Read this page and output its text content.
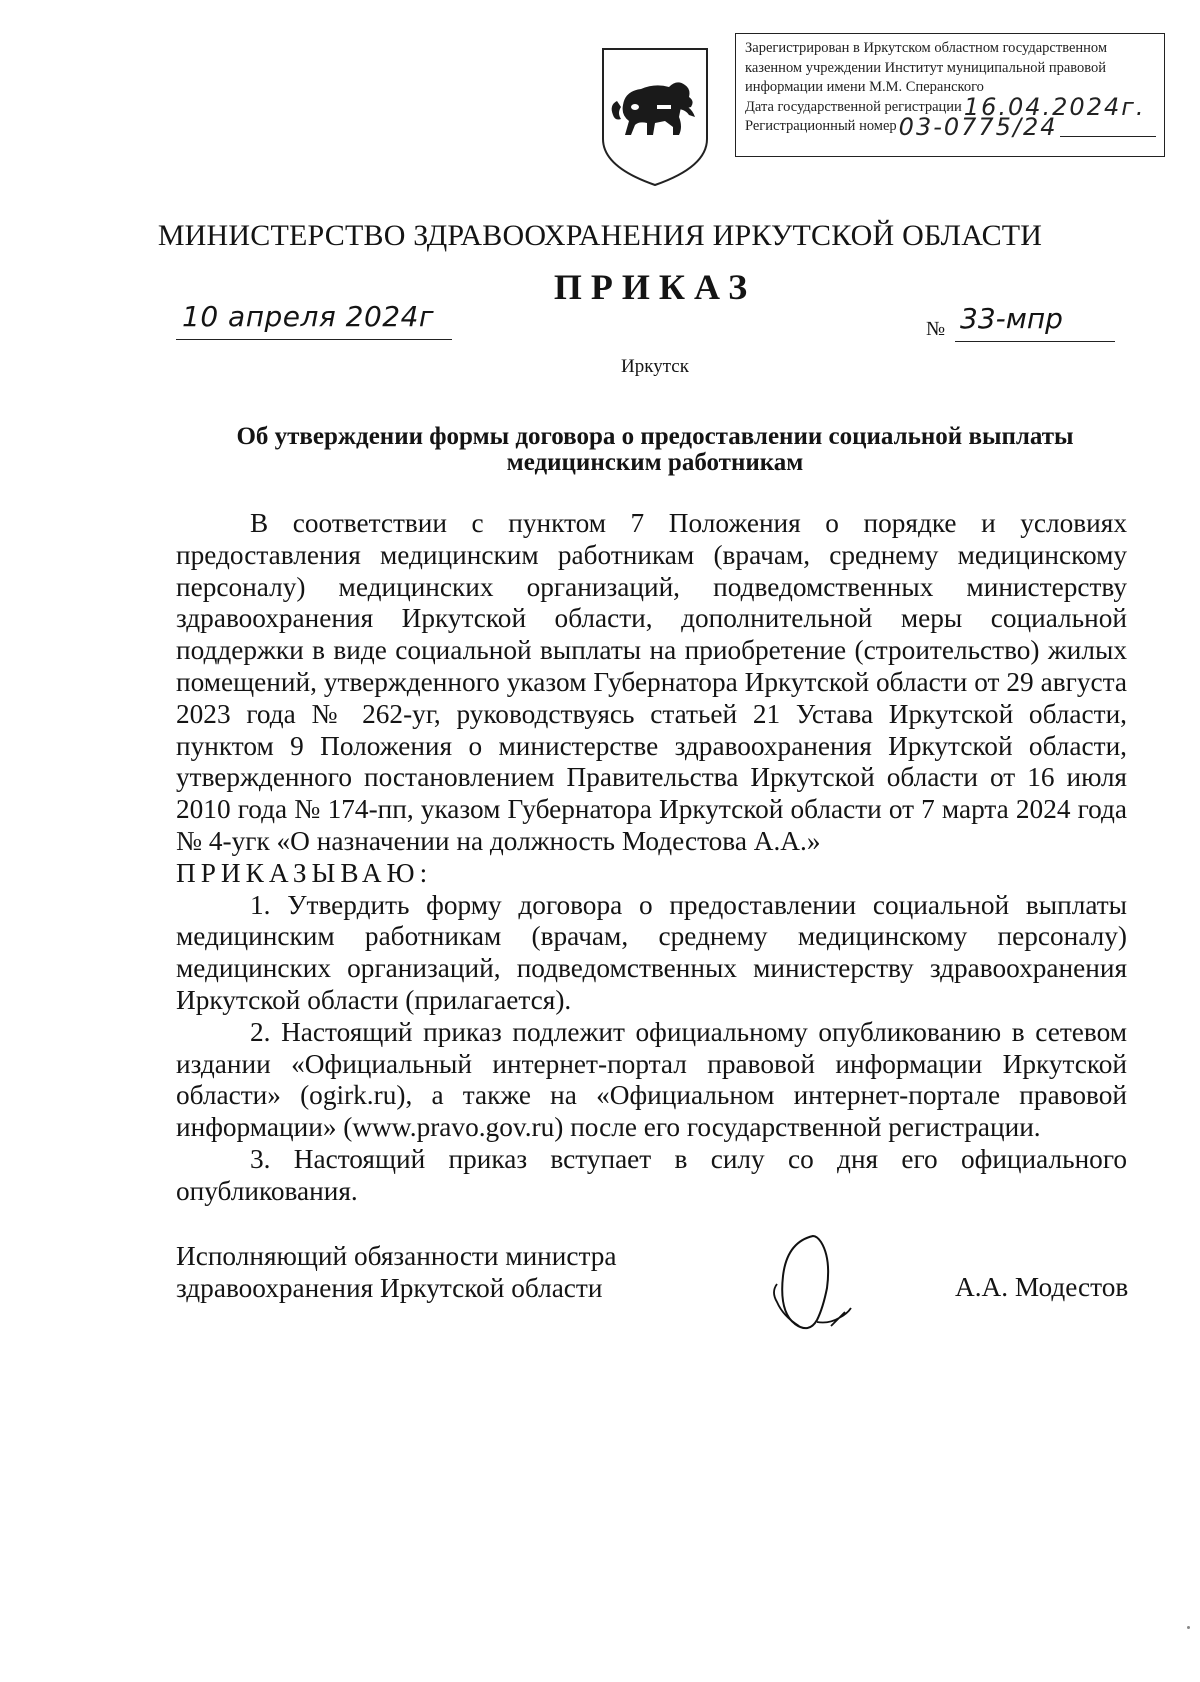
Зарегистрирован в Иркутском областном государственном
казенном учреждении Институт муниципальной правовой
информации имени М.М. Сперанского
Дата государственной регистрации 16.04.2024г.
Регистрационный номер 03-0775/24
МИНИСТЕРСТВО ЗДРАВООХРАНЕНИЯ ИРКУТСКОЙ ОБЛАСТИ
ПРИКАЗ
10 апреля 2024г	№ 33-мпр
Иркутск
Об утверждении формы договора о предоставлении социальной выплаты медицинским работникам

В соответствии с пунктом 7 Положения о порядке и условиях предоставления медицинским работникам (врачам, среднему медицинскому персоналу) медицинских организаций, подведомственных министерству здравоохранения Иркутской области, дополнительной меры социальной поддержки в виде социальной выплаты на приобретение (строительство) жилых помещений, утвержденного указом Губернатора Иркутской области от 29 августа 2023 года № 262-уг, руководствуясь статьей 21 Устава Иркутской области, пунктом 9 Положения о министерстве здравоохранения Иркутской области, утвержденного постановлением Правительства Иркутской области от 16 июля 2010 года № 174-пп, указом Губернатора Иркутской области от 7 марта 2024 года № 4-угк «О назначении на должность Модестова А.А.»

ПРИКАЗЫВАЮ:

1. Утвердить форму договора о предоставлении социальной выплаты медицинским работникам (врачам, среднему медицинскому персоналу) медицинских организаций, подведомственных министерству здравоохранения Иркутской области (прилагается).

2. Настоящий приказ подлежит официальному опубликованию в сетевом издании «Официальный интернет-портал правовой информации Иркутской области» (ogirk.ru), а также на «Официальном интернет-портале правовой информации» (www.pravo.gov.ru) после его государственной регистрации.

3. Настоящий приказ вступает в силу со дня его официального опубликования.

Исполняющий обязанности министра
здравоохранения Иркутской области	А.А. Модестов
